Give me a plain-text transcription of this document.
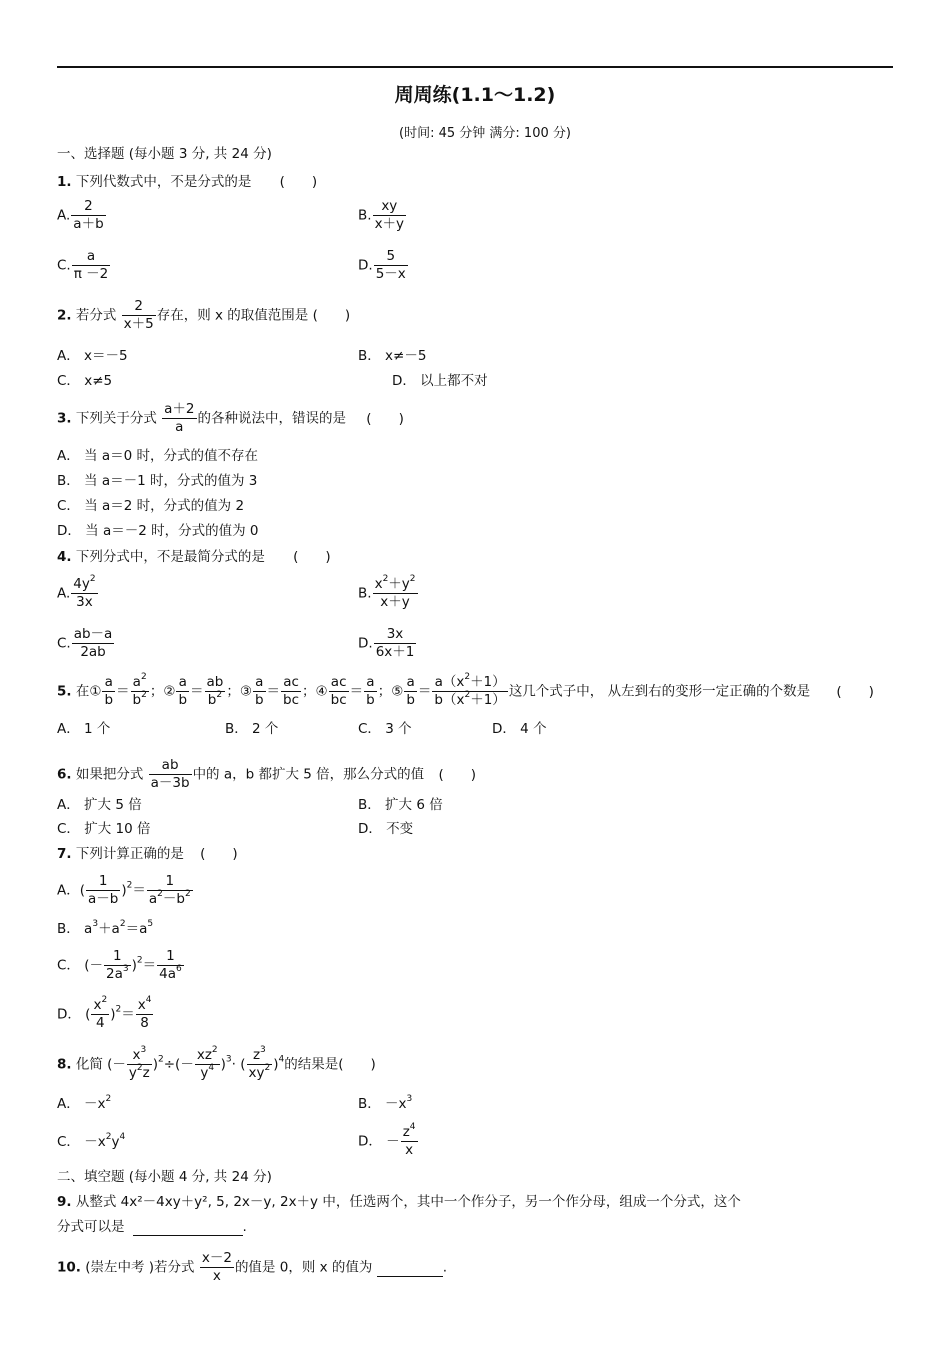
周周练(1.1～1.2)
(时间: 45 分钟 满分: 100 分)
一、选择题 (每小题 3 分, 共 24 分)
1. 下列代数式中，不是分式的是 (　　)
A. $\frac{2}{a+b}$	B. $\frac{xy}{x+y}$
C. $\frac{a}{\pi -2}$	D. $\frac{5}{5-x}$
2. 若分式 $\frac{2}{x+5}$ 存在，则 x 的取值范围是 (　　)
A． x＝－5	B． x≠－5
C． x≠5	D． 以上都不对
3. 下列关于分式 $\frac{a+2}{a}$ 的各种说法中，错误的是 (　　)
A． 当 a＝0 时，分式的值不存在
B． 当 a＝－1 时，分式的值为 3
C． 当 a＝2 时，分式的值为 2
D． 当 a＝－2 时，分式的值为 0
4. 下列分式中，不是最简分式的是 (　　)
A. $\frac{4y^2}{3x}$	B. $\frac{x^2+y^2}{x+y}$
C. $\frac{ab-a}{2ab}$	D. $\frac{3x}{6x+1}$
5. 在① $\frac{a}{b} = \frac{a^2}{b^2}$ ；② $\frac{a}{b} = \frac{ab}{b^2}$ ；③ $\frac{a}{b} = \frac{ac}{bc}$ ；④ $\frac{ac}{bc} = \frac{a}{b}$ ；⑤ $\frac{a}{b} = \frac{a(x^2+1)}{b(x^2+1)}$ 这几个式子中， 从左到右的变形一定正确的个数是 (　　)
A． 1 个	B． 2 个	C． 3 个	D． 4 个
6. 如果把分式 $\frac{ab}{a-3b}$ 中的 a，b 都扩大 5 倍，那么分式的值 (　　)
A． 扩大 5 倍	B． 扩大 6 倍
C． 扩大 10 倍	D． 不变
7. 下列计算正确的是 (　　)
A．( $\frac{1}{a-b} )^2= \frac{1}{a^2-b^2}$
B． $a^3+a^2=a^5$
C． (－ $\frac{1}{2a^3} )^2= \frac{1}{4a^6}$
D． ( $\frac{x^2}{4} )^2= \frac{x^4}{8}$
8. 化简 (－ $\frac{x^3}{y^2z} )^2\div(- \frac{xz^2}{y^4} )^3\cdot$ ( $\frac{z^3}{xy^2} )^4$的结果是(　　)
A． $-x^2$	B． $-x^3$
C． $-x^2y^4$	D． － $\frac{z^4}{x}$
二、填空题 (每小题 4 分, 共 24 分)
9. 从整式 4x²－4xy＋y², 5, 2x－y, 2x＋y 中，任选两个，其中一个作分子，另一个作分母，组成一个分式，这个
分式可以是	.
10. (崇左中考 )若分式 $\frac{x-2}{x}$ 的值是 0，则 x 的值为	.
